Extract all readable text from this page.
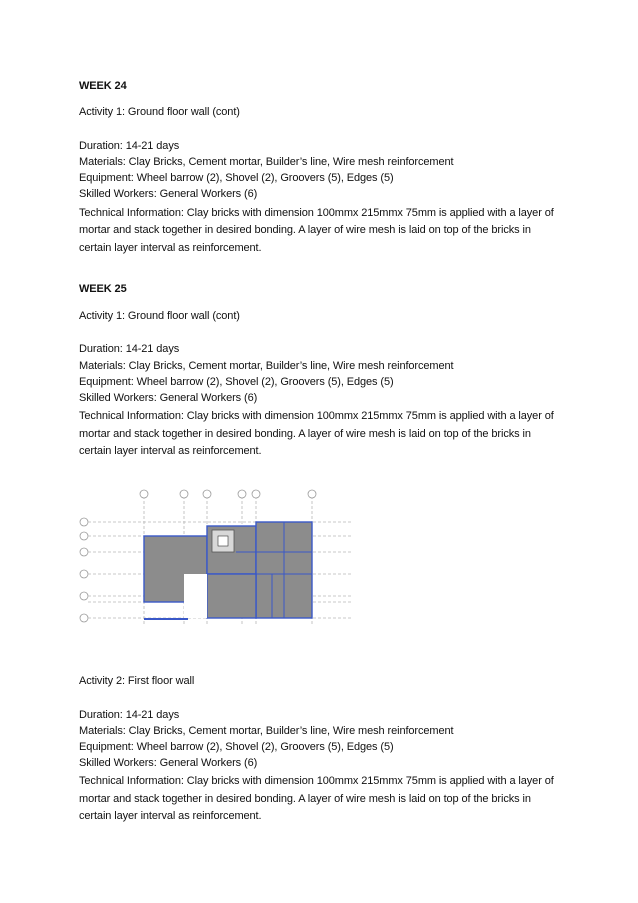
WEEK 24
Activity 1: Ground floor wall (cont)
Duration: 14-21 days
Materials: Clay Bricks, Cement mortar, Builder’s line, Wire mesh reinforcement
Equipment: Wheel barrow (2), Shovel (2), Groovers (5), Edges (5)
Skilled Workers: General Workers (6)
Technical Information: Clay bricks with dimension 100mmx 215mmx 75mm is applied with a layer of
mortar and stack together in desired bonding. A layer of wire mesh is laid on top of the bricks in
certain layer interval as reinforcement.
WEEK 25
Activity 1: Ground floor wall (cont)
Duration: 14-21 days
Materials: Clay Bricks, Cement mortar, Builder’s line, Wire mesh reinforcement
Equipment: Wheel barrow (2), Shovel (2), Groovers (5), Edges (5)
Skilled Workers: General Workers (6)
Technical Information: Clay bricks with dimension 100mmx 215mmx 75mm is applied with a layer of
mortar and stack together in desired bonding. A layer of wire mesh is laid on top of the bricks in
certain layer interval as reinforcement.
Activity 2: First floor wall
Duration: 14-21 days
Materials: Clay Bricks, Cement mortar, Builder’s line, Wire mesh reinforcement
Equipment: Wheel barrow (2), Shovel (2), Groovers (5), Edges (5)
Skilled Workers: General Workers (6)
Technical Information: Clay bricks with dimension 100mmx 215mmx 75mm is applied with a layer of
mortar and stack together in desired bonding. A layer of wire mesh is laid on top of the bricks in
certain layer interval as reinforcement.
